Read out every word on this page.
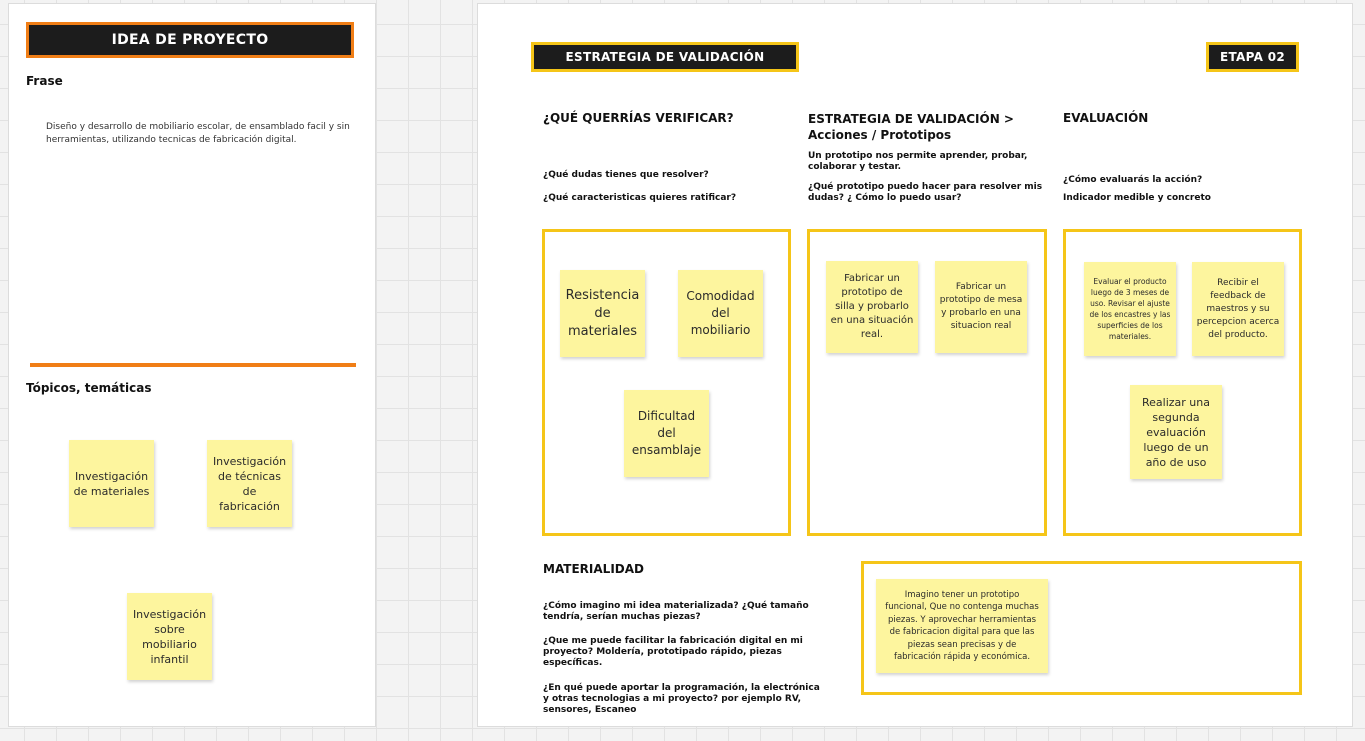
IDEA DE PROYECTO
Frase
Diseño y desarrollo de mobiliario escolar, de ensamblado facil y sin herramientas, utilizando tecnicas de fabricación digital.
Tópicos, temáticas
Investigación de materiales
Investigación de técnicas de fabricación
Investigación sobre mobiliario infantil
ESTRATEGIA DE VALIDACIÓN	ETAPA 02
¿QUÉ QUERRÍAS VERIFICAR?
¿Qué dudas tienes que resolver?
¿Qué caracteristicas quieres ratificar?
ESTRATEGIA DE VALIDACIÓN > Acciones / Prototipos
Un prototipo nos permite aprender, probar, colaborar y testar.
¿Qué prototipo puedo hacer para resolver mis dudas? ¿ Cómo lo puedo usar?
EVALUACIÓN
¿Cómo evaluarás la acción?
Indicador medible y concreto
Resistencia de materiales
Comodidad del mobiliario
Dificultad del ensamblaje
Fabricar un prototipo de silla y probarlo en una situación real.
Fabricar un prototipo de mesa y probarlo en una situacion real
Evaluar el producto luego de 3 meses de uso. Revisar el ajuste de los encastres y las superficies de los materiales.
Recibir el feedback de maestros y su percepcion acerca del producto.
Realizar una segunda evaluación luego de un año de uso
MATERIALIDAD
¿Cómo imagino mi idea materializada? ¿Qué tamaño tendría, serían muchas piezas?
¿Que me puede facilitar la fabricación digital en mi proyecto? Moldería, prototipado rápido, piezas específicas.
¿En qué puede aportar la programación, la electrónica y otras tecnologias a mi proyecto? por ejemplo RV, sensores, Escaneo
Imagino tener un prototipo funcional, Que no contenga muchas piezas. Y aprovechar herramientas de fabricacion digital para que las piezas sean precisas y de fabricación rápida y económica.
